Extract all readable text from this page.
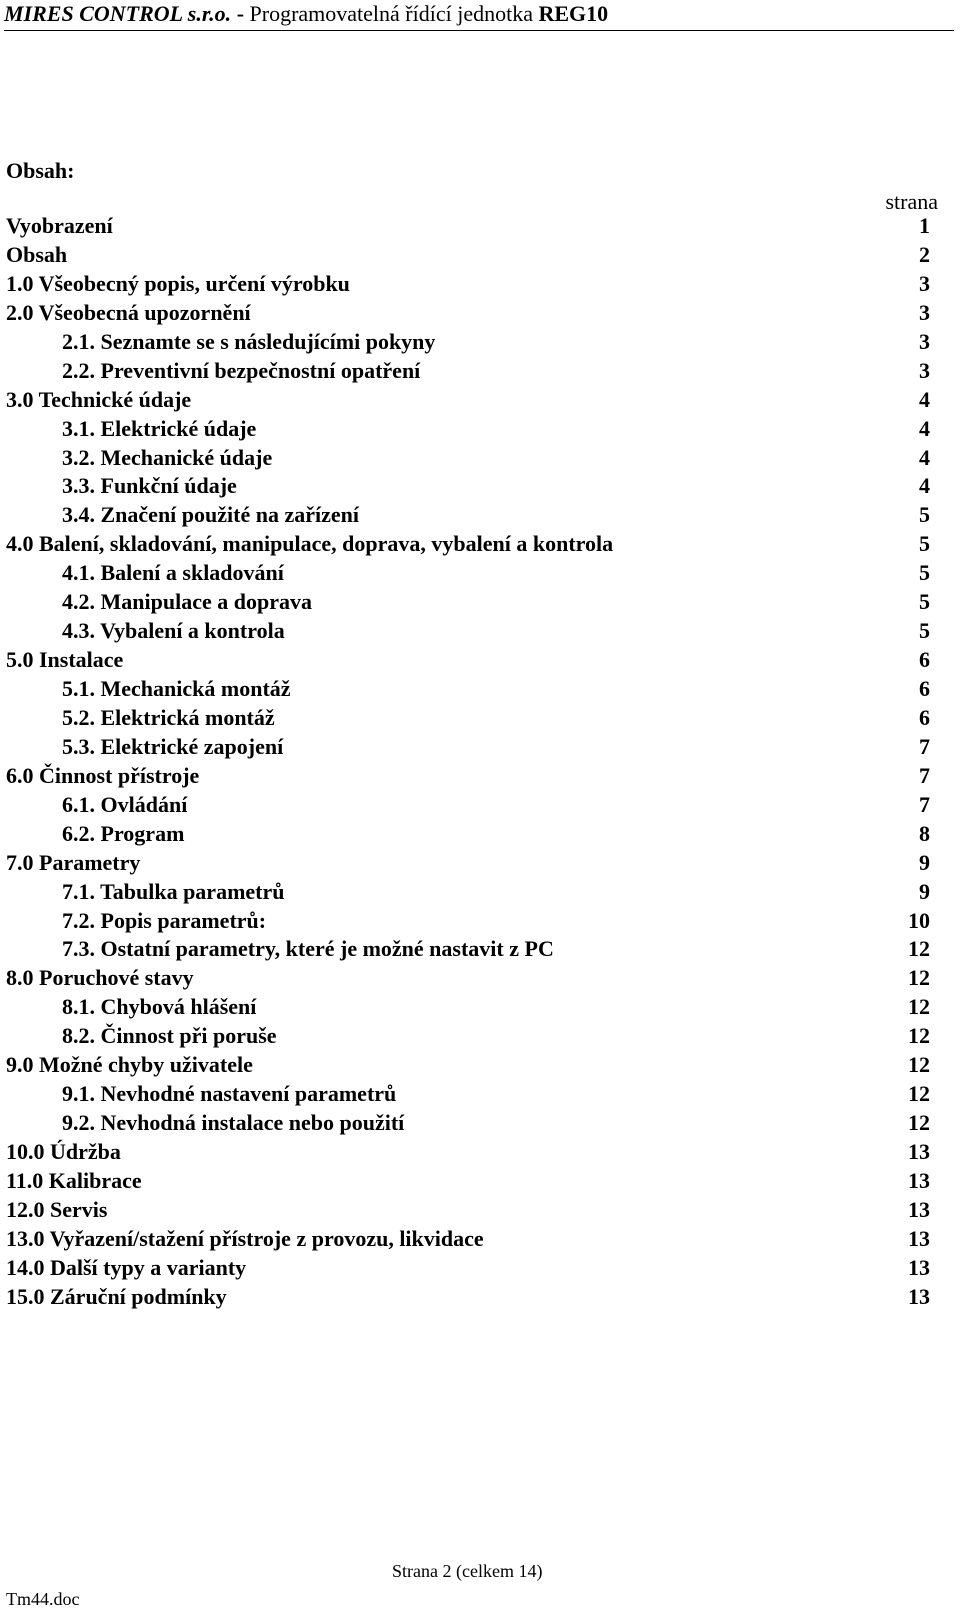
MIRES CONTROL s.r.o. - Programovatelná řídící jednotka REG10
Obsah:
strana
Vyobrazení	1
Obsah	2
1.0 Všeobecný popis, určení výrobku	3
2.0 Všeobecná upozornění	3
2.1. Seznamte se s následujícími pokyny	3
2.2. Preventivní bezpečnostní opatření	3
3.0 Technické údaje	4
3.1. Elektrické údaje	4
3.2. Mechanické údaje	4
3.3. Funkční údaje	4
3.4. Značení použité na zařízení	5
4.0 Balení, skladování, manipulace, doprava, vybalení a kontrola	5
4.1. Balení a skladování	5
4.2. Manipulace a doprava	5
4.3. Vybalení a kontrola	5
5.0 Instalace	6
5.1. Mechanická montáž	6
5.2. Elektrická montáž	6
5.3. Elektrické zapojení	7
6.0 Činnost přístroje	7
6.1. Ovládání	7
6.2. Program	8
7.0 Parametry	9
7.1. Tabulka parametrů	9
7.2. Popis parametrů:	10
7.3. Ostatní parametry, které je možné nastavit z PC	12
8.0 Poruchové stavy	12
8.1. Chybová hlášení	12
8.2. Činnost při poruše	12
9.0 Možné chyby uživatele	12
9.1. Nevhodné nastavení parametrů	12
9.2. Nevhodná instalace nebo použití	12
10.0 Údržba	13
11.0 Kalibrace	13
12.0 Servis	13
13.0 Vyřazení/stažení přístroje z provozu, likvidace	13
14.0 Další typy a varianty	13
15.0 Záruční podmínky	13
Strana 2 (celkem 14)
Tm44.doc
